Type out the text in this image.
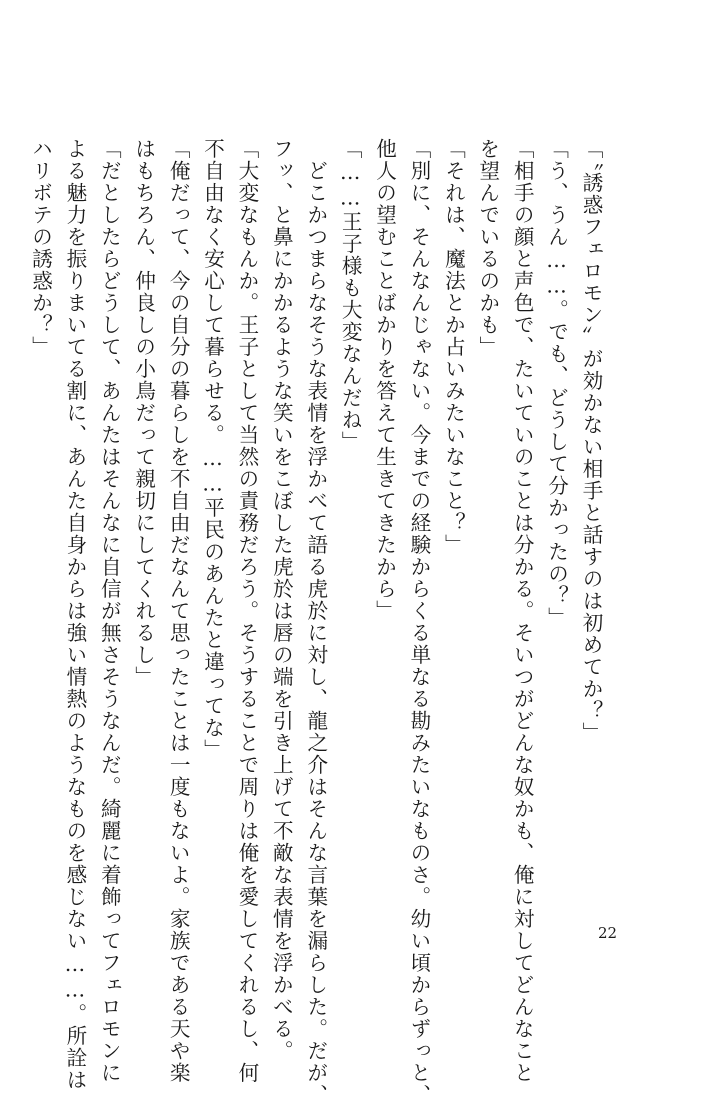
「〝誘惑フェロモン〟が効かない相手と話すのは初めてか？」
「う、うん……。でも、どうして分かったの？」
「相手の顔と声色で、たいていのことは分かる。そいつがどんな奴かも、俺に対してどんなこと
を望んでいるのかも」
「それは、魔法とか占いみたいなこと？」
「別に、そんなんじゃない。今までの経験からくる単なる勘みたいなものさ。幼い頃からずっと、
他人の望むことばかりを答えて生きてきたから」
「……王子様も大変なんだね」
　どこかつまらなそうな表情を浮かべて語る虎於に対し、龍之介はそんな言葉を漏らした。だが、
フッ、と鼻にかかるような笑いをこぼした虎於は唇の端を引き上げて不敵な表情を浮かべる。
「大変なもんか。王子として当然の責務だろう。そうすることで周りは俺を愛してくれるし、何
不自由なく安心して暮らせる。……平民のあんたと違ってな」
「俺だって、今の自分の暮らしを不自由だなんて思ったことは一度もないよ。家族である天や楽
はもちろん、仲良しの小鳥だって親切にしてくれるし」
「だとしたらどうして、あんたはそんなに自信が無さそうなんだ。綺麗に着飾ってフェロモンに
よる魅力を振りまいてる割に、あんた自身からは強い情熱のようなものを感じない……。所詮は
ハリボテの誘惑か？」
22
